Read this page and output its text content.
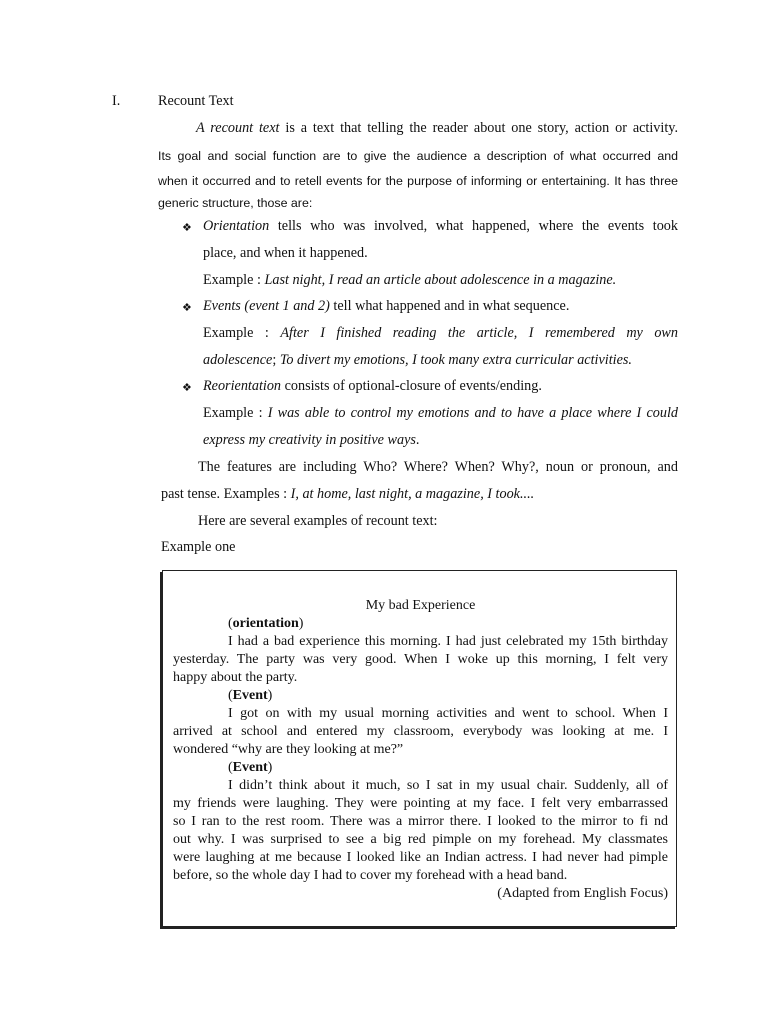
I.	Recount Text
A recount text is a text that telling the reader about one story, action or activity.
Its goal and social function are to give the audience a description of what occurred and
when it occurred and to retell events for the purpose of informing or entertaining. It has three
generic structure, those are:
❖ Orientation tells who was involved, what happened, where the events took
place, and when it happened.
Example : Last night, I read an article about adolescence in a magazine.
❖ Events (event 1 and 2) tell what happened and in what sequence.
Example : After I finished reading the article, I remembered my own
adolescence; To divert my emotions, I took many extra curricular activities.
❖ Reorientation consists of optional-closure of events/ending.
Example : I was able to control my emotions and to have a place where I could
express my creativity in positive ways.
The features are including Who? Where? When? Why?, noun or pronoun, and
past tense. Examples : I, at home, last night, a magazine, I took....
Here are several examples of recount text:
Example one
My bad Experience
(orientation)
I had a bad experience this morning. I had just celebrated my 15th birthday
yesterday. The party was very good. When I woke up this morning, I felt very
happy about the party.
(Event)
I got on with my usual morning activities and went to school. When I
arrived at school and entered my classroom, everybody was looking at me. I
wondered “why are they looking at me?”
(Event)
I didn’t think about it much, so I sat in my usual chair. Suddenly, all of
my friends were laughing. They were pointing at my face. I felt very embarrassed
so I ran to the rest room. There was a mirror there. I looked to the mirror to fi nd
out why. I was surprised to see a big red pimple on my forehead. My classmates
were laughing at me because I looked like an Indian actress. I had never had pimple
before, so the whole day I had to cover my forehead with a head band.
(Adapted from English Focus)
